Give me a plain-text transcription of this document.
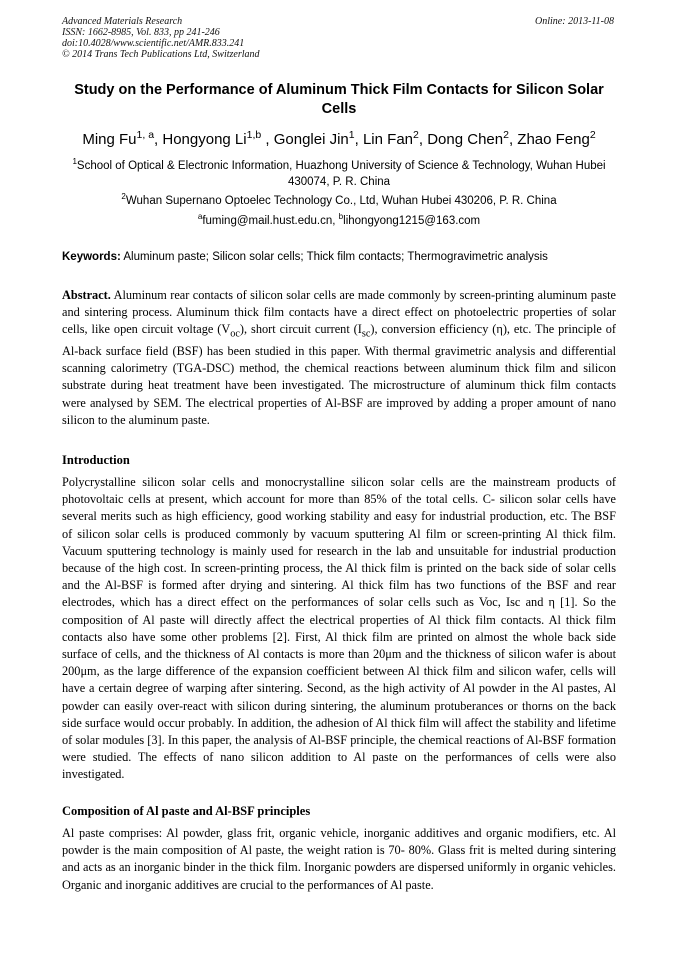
Advanced Materials Research
ISSN: 1662-8985, Vol. 833, pp 241-246
doi:10.4028/www.scientific.net/AMR.833.241
© 2014 Trans Tech Publications Ltd, Switzerland
Online: 2013-11-08
Study on the Performance of Aluminum Thick Film Contacts for Silicon Solar Cells
Ming Fu$^{1, a}$, Hongyong Li$^{1,b}$ , Gonglei Jin$^1$, Lin Fan$^2$, Dong Chen$^2$, Zhao Feng$^2$
$^1$School of Optical & Electronic Information, Huazhong University of Science & Technology, Wuhan Hubei 430074, P. R. China
$^2$Wuhan Supernano Optoelec Technology Co., Ltd, Wuhan Hubei 430206, P. R. China
$^a$fuming@mail.hust.edu.cn, $^b$lihongyong1215@163.com
Keywords: Aluminum paste; Silicon solar cells; Thick film contacts; Thermogravimetric analysis
Abstract. Aluminum rear contacts of silicon solar cells are made commonly by screen-printing aluminum paste and sintering process. Aluminum thick film contacts have a direct effect on photoelectric properties of solar cells, like open circuit voltage $(V_{oc})$, short circuit current $(I_{sc})$, conversion efficiency (η), etc. The principle of Al-back surface field (BSF) has been studied in this paper. With thermal gravimetric analysis and differential scanning calorimetry (TGA-DSC) method, the chemical reactions between aluminum thick film and silicon substrate during heat treatment have been investigated. The microstructure of aluminum thick film contacts were analysed by SEM. The electrical properties of Al-BSF are improved by adding a proper amount of nano silicon to the aluminum paste.
Introduction
Polycrystalline silicon solar cells and monocrystalline silicon solar cells are the mainstream products of photovoltaic cells at present, which account for more than 85% of the total cells. C- silicon solar cells have several merits such as high efficiency, good working stability and easy for industrial production, etc. The BSF of silicon solar cells is produced commonly by vacuum sputtering Al film or screen-printing Al thick film. Vacuum sputtering technology is mainly used for research in the lab and unsuitable for industrial production because of the high cost. In screen-printing process, the Al thick film is printed on the back side of solar cells and the Al-BSF is formed after drying and sintering. Al thick film has two functions of the BSF and rear electrodes, which has a direct effect on the performances of solar cells such as Voc, Isc and η [1]. So the composition of Al paste will directly affect the electrical properties of Al thick film contacts. Al thick film contacts also have some other problems [2]. First, Al thick film are printed on almost the whole back side surface of cells, and the thickness of Al contacts is more than 20μm and the thickness of silicon wafer is about 200μm, as the large difference of the expansion coefficient between Al thick film and silicon wafer, cells will have a certain degree of warping after sintering. Second, as the high activity of Al powder in the Al pastes, Al powder can easily over-react with silicon during sintering, the aluminum protuberances or thorns on the back side surface would occur probably. In addition, the adhesion of Al thick film will affect the stability and lifetime of solar modules [3]. In this paper, the analysis of Al-BSF principle, the chemical reactions of Al-BSF formation were studied. The effects of nano silicon addition to Al paste on the performances of cells were also investigated.
Composition of Al paste and Al-BSF principles
Al paste comprises: Al powder, glass frit, organic vehicle, inorganic additives and organic modifiers, etc. Al powder is the main composition of Al paste, the weight ration is 70- 80%. Glass frit is melted during sintering and acts as an inorganic binder in the thick film. Inorganic powders are dispersed uniformly in organic vehicles. Organic and inorganic additives are crucial to the performances of Al paste.
